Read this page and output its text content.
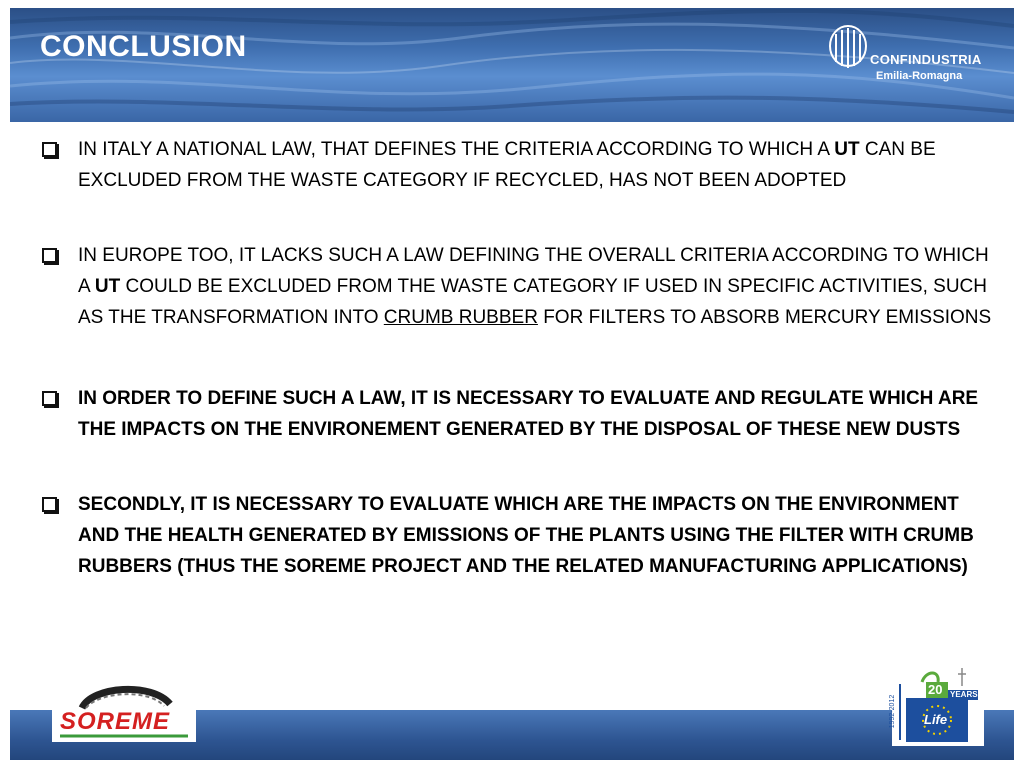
CONCLUSION	CONFINDUSTRIA
Emilia-Romagna
IN ITALY A NATIONAL LAW, THAT DEFINES THE CRITERIA ACCORDING TO WHICH A UT CAN BE EXCLUDED FROM THE WASTE CATEGORY IF RECYCLED, HAS NOT BEEN ADOPTED
IN EUROPE TOO, IT LACKS SUCH A LAW DEFINING THE OVERALL CRITERIA ACCORDING TO WHICH A UT COULD BE EXCLUDED FROM THE WASTE CATEGORY IF USED IN SPECIFIC ACTIVITIES, SUCH AS THE TRANSFORMATION INTO CRUMB RUBBER FOR FILTERS TO ABSORB MERCURY EMISSIONS
IN ORDER TO DEFINE SUCH A LAW, IT IS NECESSARY TO EVALUATE AND REGULATE WHICH ARE THE IMPACTS ON THE ENVIRONEMENT GENERATED BY THE DISPOSAL OF THESE NEW DUSTS
SECONDLY, IT IS NECESSARY TO EVALUATE WHICH ARE THE IMPACTS ON THE ENVIRONMENT AND THE HEALTH GENERATED BY EMISSIONS OF THE PLANTS USING THE FILTER WITH CRUMB RUBBERS (THUS THE SOREME PROJECT AND THE RELATED MANUFACTURING APPLICATIONS)
SOREME
20 YEARS
Life
1992-2012
